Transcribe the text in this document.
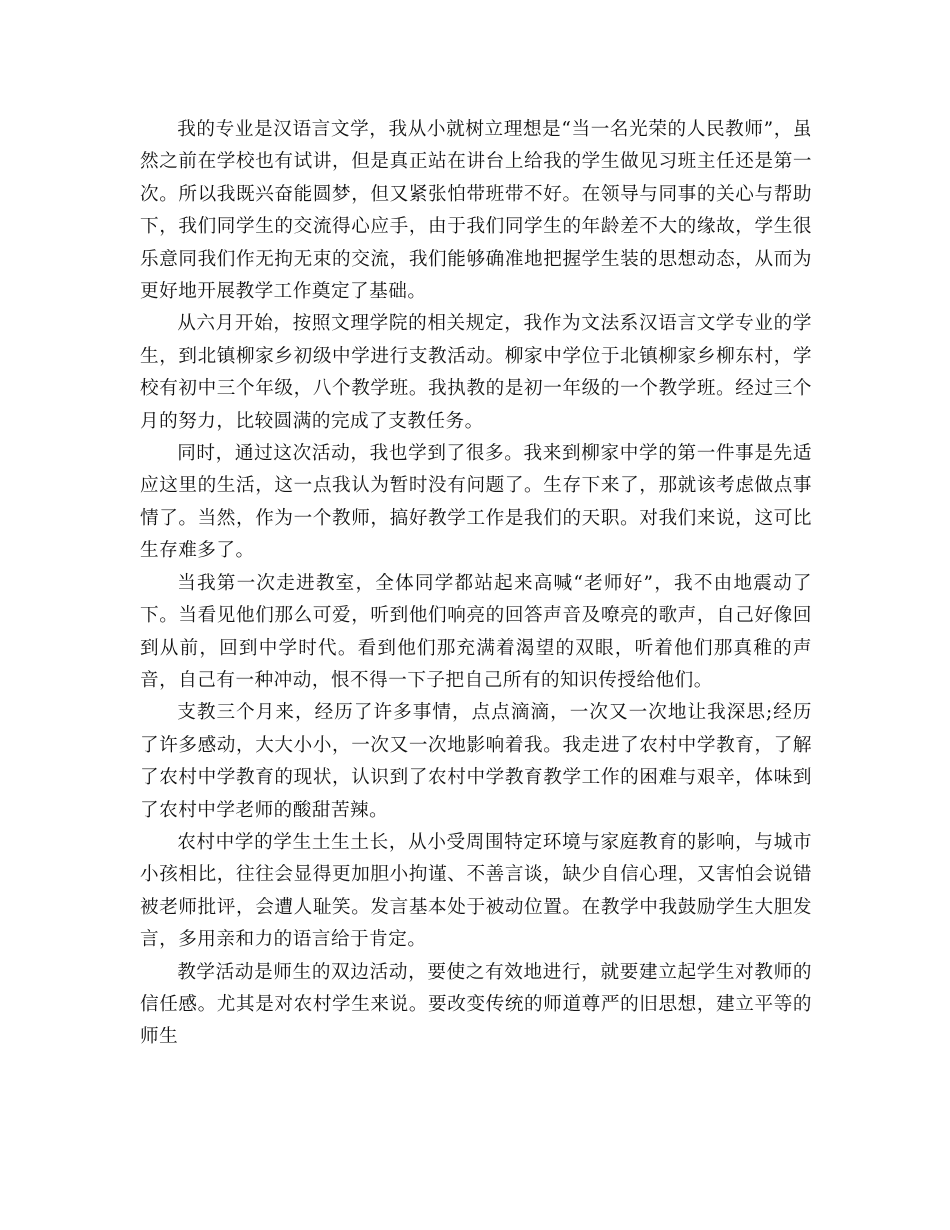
我的专业是汉语言文学，我从小就树立理想是“当一名光荣的人民教师”，虽然之前在学校也有试讲，但是真正站在讲台上给我的学生做见习班主任还是第一次。所以我既兴奋能圆梦，但又紧张怕带班带不好。在领导与同事的关心与帮助下，我们同学生的交流得心应手，由于我们同学生的年龄差不大的缘故，学生很乐意同我们作无拘无束的交流，我们能够确准地把握学生装的思想动态，从而为更好地开展教学工作奠定了基础。

从六月开始，按照文理学院的相关规定，我作为文法系汉语言文学专业的学生，到北镇柳家乡初级中学进行支教活动。柳家中学位于北镇柳家乡柳东村，学校有初中三个年级，八个教学班。我执教的是初一年级的一个教学班。经过三个月的努力，比较圆满的完成了支教任务。

同时，通过这次活动，我也学到了很多。我来到柳家中学的第一件事是先适应这里的生活，这一点我认为暂时没有问题了。生存下来了，那就该考虑做点事情了。当然，作为一个教师，搞好教学工作是我们的天职。对我们来说，这可比生存难多了。

当我第一次走进教室，全体同学都站起来高喊“老师好”，我不由地震动了下。当看见他们那么可爱，听到他们响亮的回答声音及嘹亮的歌声，自己好像回到从前，回到中学时代。看到他们那充满着渴望的双眼，听着他们那真稚的声音，自己有一种冲动，恨不得一下子把自己所有的知识传授给他们。

支教三个月来，经历了许多事情，点点滴滴，一次又一次地让我深思;经历了许多感动，大大小小，一次又一次地影响着我。我走进了农村中学教育，了解了农村中学教育的现状，认识到了农村中学教育教学工作的困难与艰辛，体味到了农村中学老师的酸甜苦辣。

农村中学的学生土生土长，从小受周围特定环境与家庭教育的影响，与城市小孩相比，往往会显得更加胆小拘谨、不善言谈，缺少自信心理，又害怕会说错被老师批评，会遭人耻笑。发言基本处于被动位置。在教学中我鼓励学生大胆发言，多用亲和力的语言给于肯定。

教学活动是师生的双边活动，要使之有效地进行，就要建立起学生对教师的信任感。尤其是对农村学生来说。要改变传统的师道尊严的旧思想，建立平等的师生
